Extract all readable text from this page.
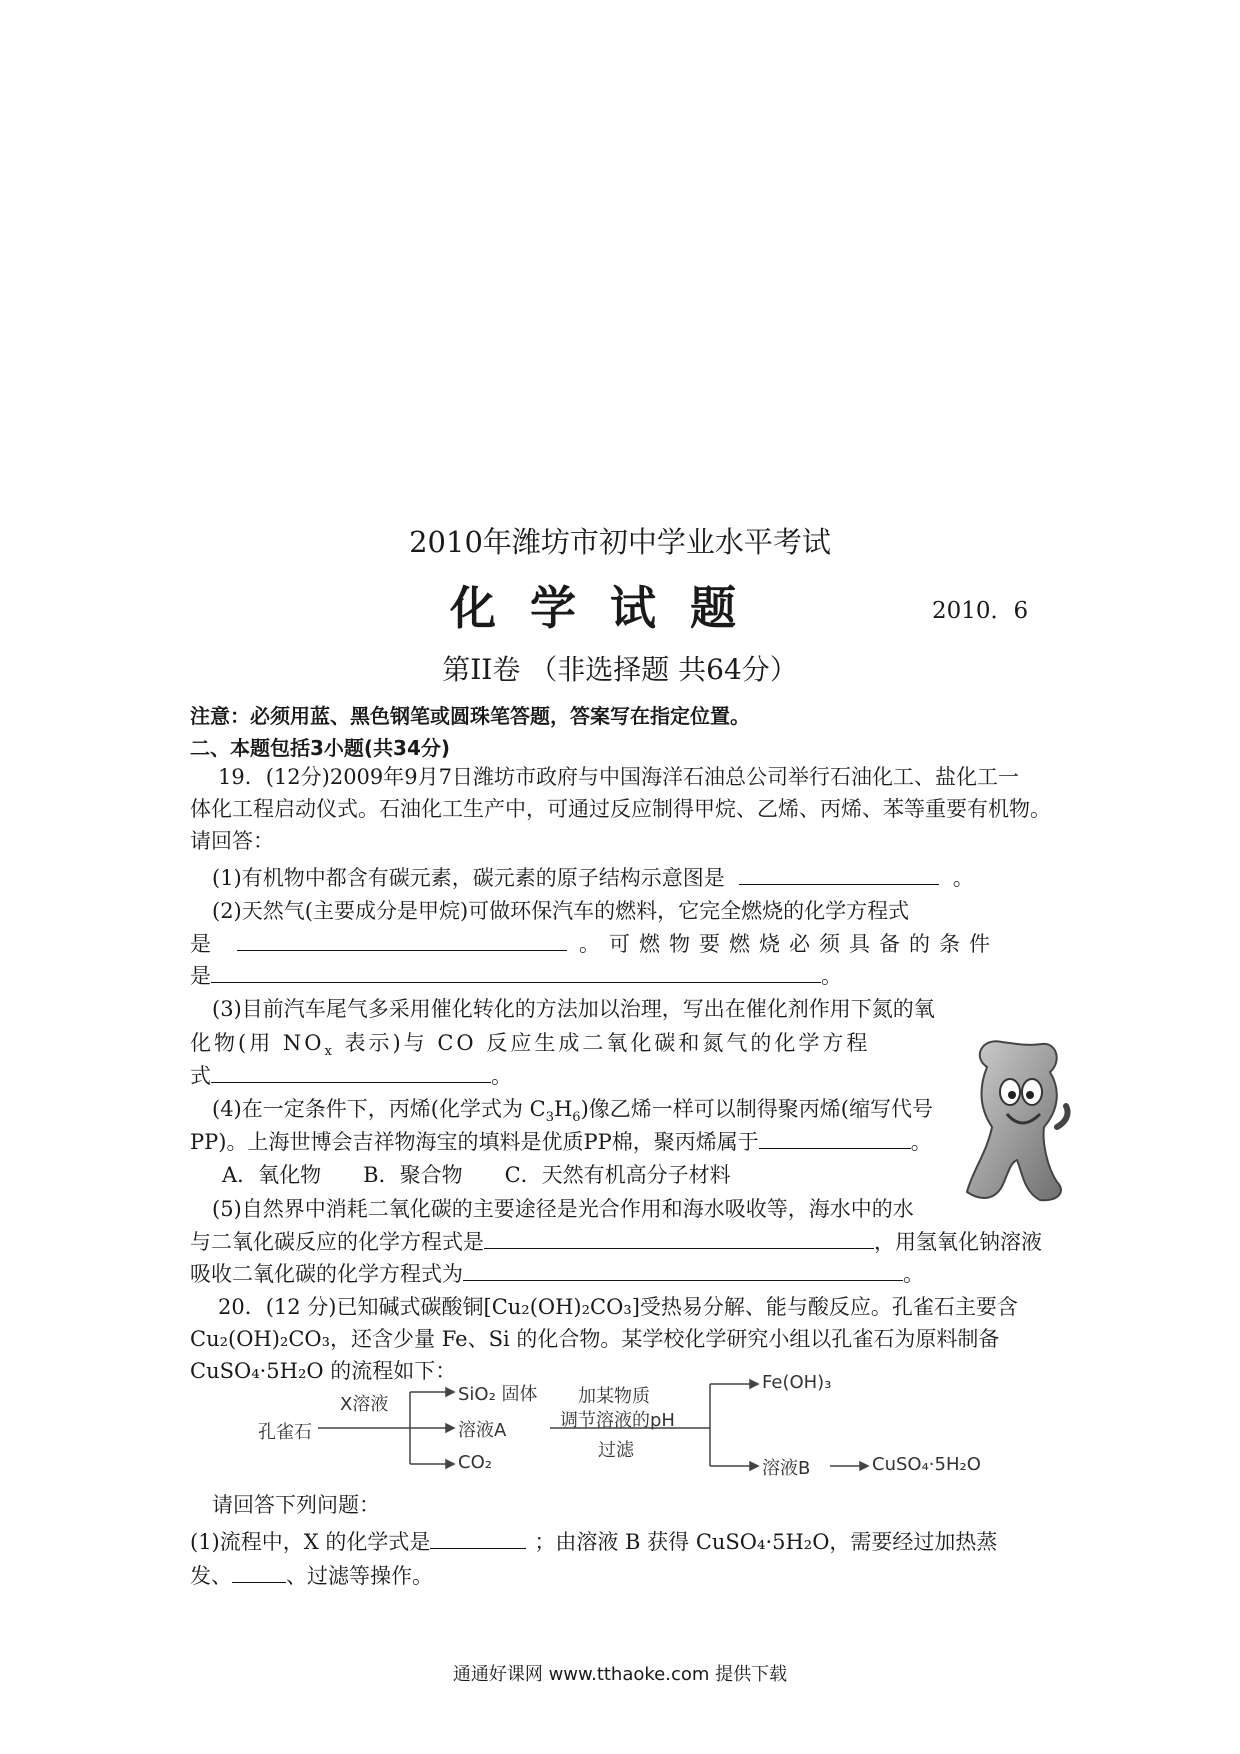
2010年潍坊市初中学业水平考试
化学试题	2010．6
第II卷 （非选择题 共64分）
注意：必须用蓝、黑色钢笔或圆珠笔答题，答案写在指定位置。
二、本题包括3小题(共34分)
19．(12分)2009年9月7日潍坊市政府与中国海洋石油总公司举行石油化工、盐化工一
体化工程启动仪式。石油化工生产中，可通过反应制得甲烷、乙烯、丙烯、苯等重要有机物。
请回答：
(1)有机物中都含有碳元素，碳元素的原子结构示意图是	。
(2)天然气(主要成分是甲烷)可做环保汽车的燃料，它完全燃烧的化学方程式
是	。可燃物要燃烧必须具备的条件
是	。
(3)目前汽车尾气多采用催化转化的方法加以治理，写出在催化剂作用下氮的氧
化物(用 $NO_x$ 表示)与 CO 反应生成二氧化碳和氮气的化学方程
式	。
(4)在一定条件下，丙烯(化学式为 $C_3H_6$)像乙烯一样可以制得聚丙烯(缩写代号
PP)。上海世博会吉祥物海宝的填料是优质PP棉，聚丙烯属于	。
A．氧化物　　B．聚合物　　C．天然有机高分子材料
(5)自然界中消耗二氧化碳的主要途径是光合作用和海水吸收等，海水中的水
与二氧化碳反应的化学方程式是	，用氢氧化钠溶液
吸收二氧化碳的化学方程式为	。
20．(12 分)已知碱式碳酸铜[Cu₂(OH)₂CO₃]受热易分解、能与酸反应。孔雀石主要含
Cu₂(OH)₂CO₃，还含少量 Fe、Si 的化合物。某学校化学研究小组以孔雀石为原料制备
CuSO₄·5H₂O 的流程如下：
孔雀石
X溶液	SiO₂ 固体
溶液A
CO₂
加某物质
调节溶液的pH
过滤
Fe(OH)₃
溶液B	CuSO₄·5H₂O
请回答下列问题：
(1)流程中，X 的化学式是	；由溶液 B 获得 CuSO₄·5H₂O，需要经过加热蒸
发、	、过滤等操作。
通通好课网 www.tthaoke.com 提供下载
